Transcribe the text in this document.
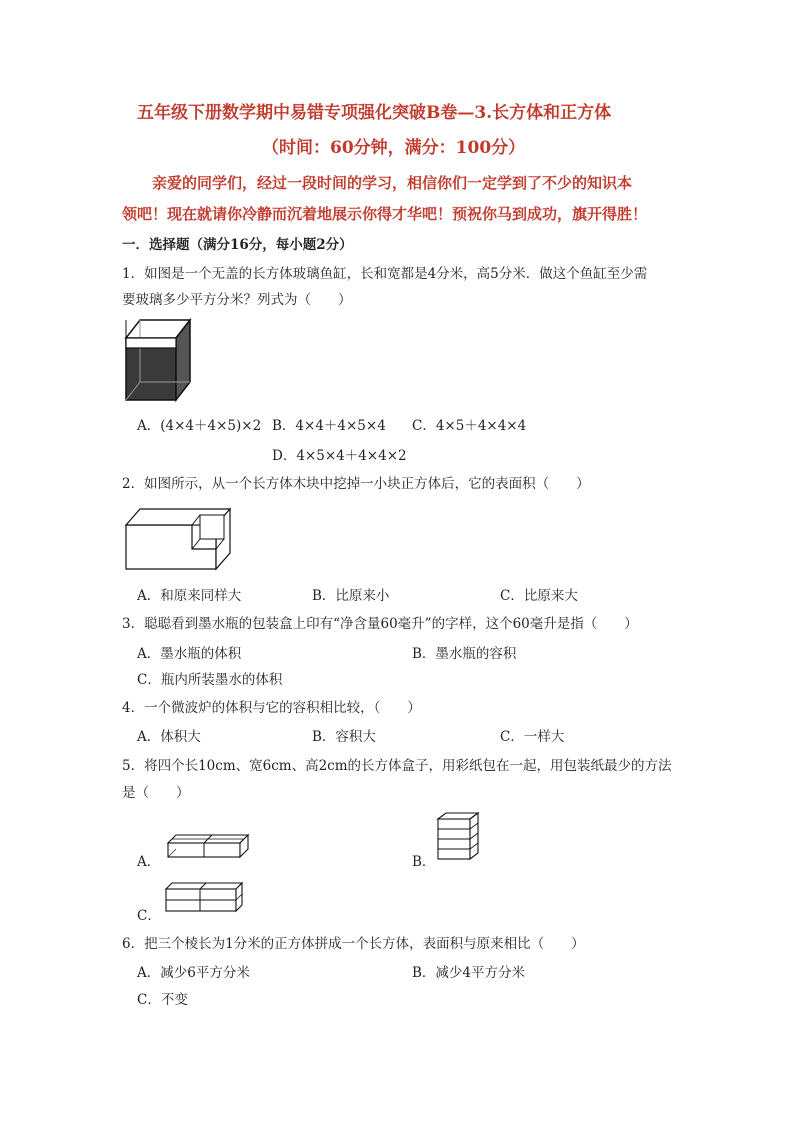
五年级下册数学期中易错专项强化突破B卷—3.长方体和正方体
（时间：60分钟，满分：100分）
亲爱的同学们，经过一段时间的学习，相信你们一定学到了不少的知识本
领吧！现在就请你冷静而沉着地展示你得才华吧！预祝你马到成功，旗开得胜！
一．选择题（满分16分，每小题2分）
1．如图是一个无盖的长方体玻璃鱼缸，长和宽都是4分米，高5分米．做这个鱼缸至少需
要玻璃多少平方分米？列式为（　　）
A．(4×4＋4×5)×2 B．4×4＋4×5×4 C．4×5＋4×4×4
D．4×5×4＋4×4×2
2．如图所示，从一个长方体木块中挖掉一小块正方体后，它的表面积（　　）
A．和原来同样大	B．比原来小	C．比原来大
3．聪聪看到墨水瓶的包装盒上印有“净含量60毫升”的字样，这个60毫升是指（　　）
A．墨水瓶的体积	B．墨水瓶的容积
C．瓶内所装墨水的体积
4．一个微波炉的体积与它的容积相比较，（　　）
A．体积大	B．容积大	C．一样大
5．将四个长10cm、宽6cm、高2cm的长方体盒子，用彩纸包在一起，用包装纸最少的方法
是（　　）
A．	B．
C．
6．把三个棱长为1分米的正方体拼成一个长方体，表面积与原来相比（　　）
A．减少6平方分米	B．减少4平方分米
C．不变
